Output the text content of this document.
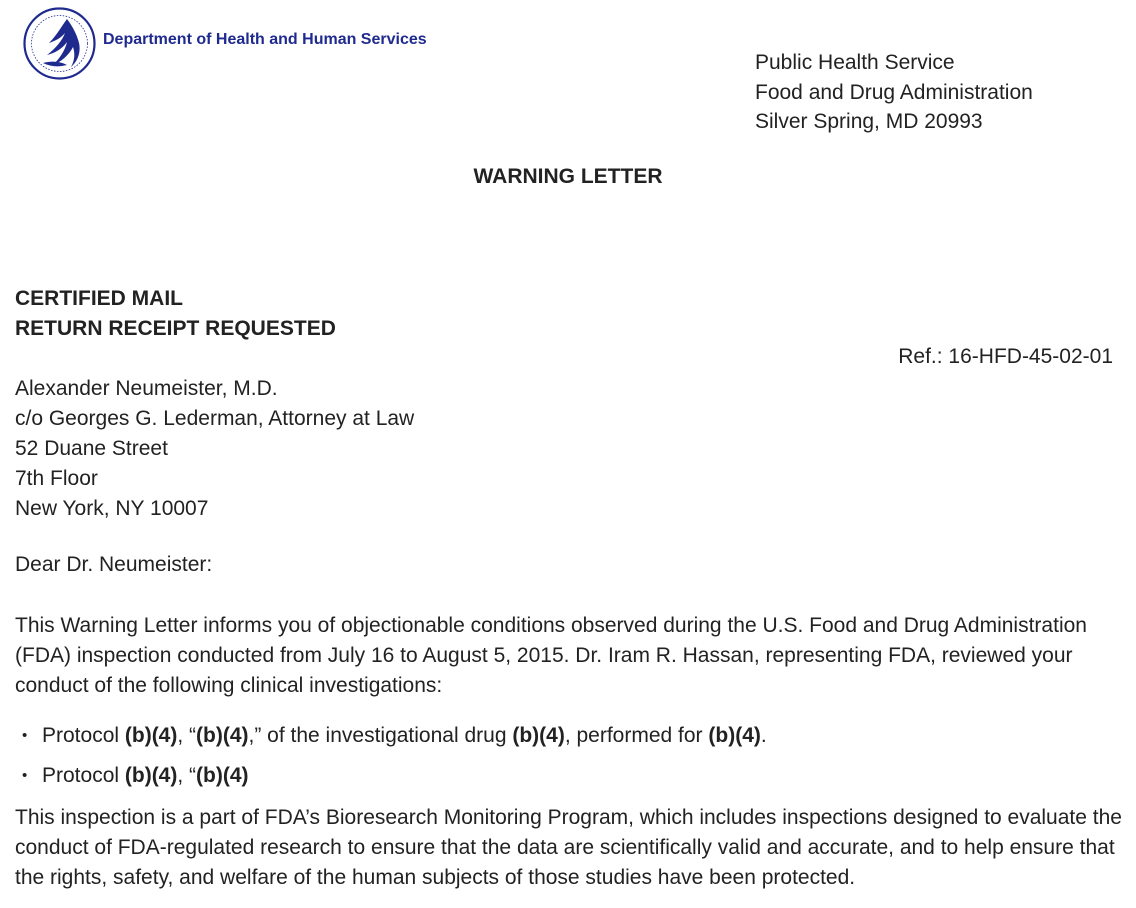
Department of Health and Human Services
Public Health Service
Food and Drug Administration
Silver Spring, MD 20993
WARNING LETTER
CERTIFIED MAIL
RETURN RECEIPT REQUESTED
Ref.: 16-HFD-45-02-01
Alexander Neumeister, M.D.
c/o Georges G. Lederman, Attorney at Law
52 Duane Street
7th Floor
New York, NY 10007
Dear Dr. Neumeister:

This Warning Letter informs you of objectionable conditions observed during the U.S. Food and Drug Administration (FDA) inspection conducted from July 16 to August 5, 2015. Dr. Iram R. Hassan, representing FDA, reviewed your conduct of the following clinical investigations:

• Protocol (b)(4), “(b)(4),” of the investigational drug (b)(4), performed for (b)(4).
• Protocol (b)(4), “(b)(4)

This inspection is a part of FDA’s Bioresearch Monitoring Program, which includes inspections designed to evaluate the conduct of FDA-regulated research to ensure that the data are scientifically valid and accurate, and to help ensure that the rights, safety, and welfare of the human subjects of those studies have been protected.
